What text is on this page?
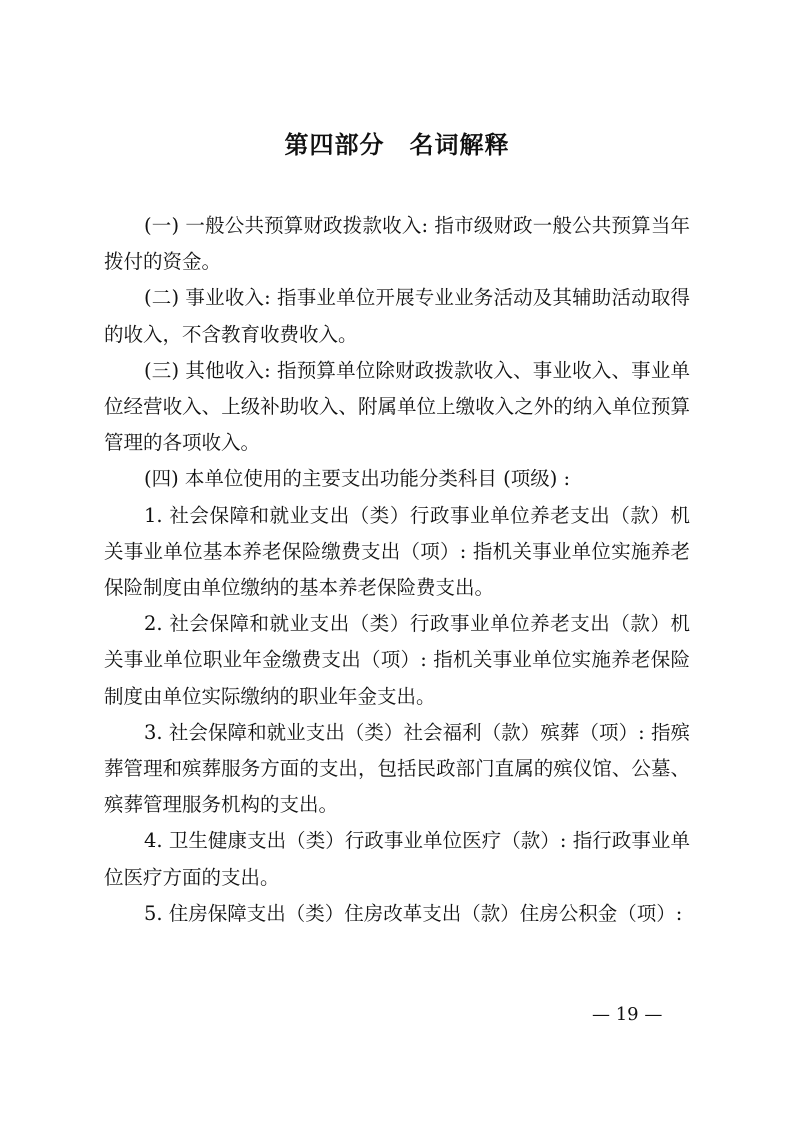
第四部分　名词解释

(一) 一般公共预算财政拨款收入: 指市级财政一般公共预算当年拨付的资金。

(二) 事业收入: 指事业单位开展专业业务活动及其辅助活动取得的收入，不含教育收费收入。

(三) 其他收入: 指预算单位除财政拨款收入、事业收入、事业单位经营收入、上级补助收入、附属单位上缴收入之外的纳入单位预算管理的各项收入。

(四) 本单位使用的主要支出功能分类科目 (项级) :

1. 社会保障和就业支出（类）行政事业单位养老支出（款）机关事业单位基本养老保险缴费支出（项）: 指机关事业单位实施养老保险制度由单位缴纳的基本养老保险费支出。

2. 社会保障和就业支出（类）行政事业单位养老支出（款）机关事业单位职业年金缴费支出（项）: 指机关事业单位实施养老保险制度由单位实际缴纳的职业年金支出。

3. 社会保障和就业支出（类）社会福利（款）殡葬（项）: 指殡葬管理和殡葬服务方面的支出，包括民政部门直属的殡仪馆、公墓、殡葬管理服务机构的支出。

4. 卫生健康支出（类）行政事业单位医疗（款）: 指行政事业单位医疗方面的支出。

5. 住房保障支出（类）住房改革支出（款）住房公积金（项）:

— 19 —
